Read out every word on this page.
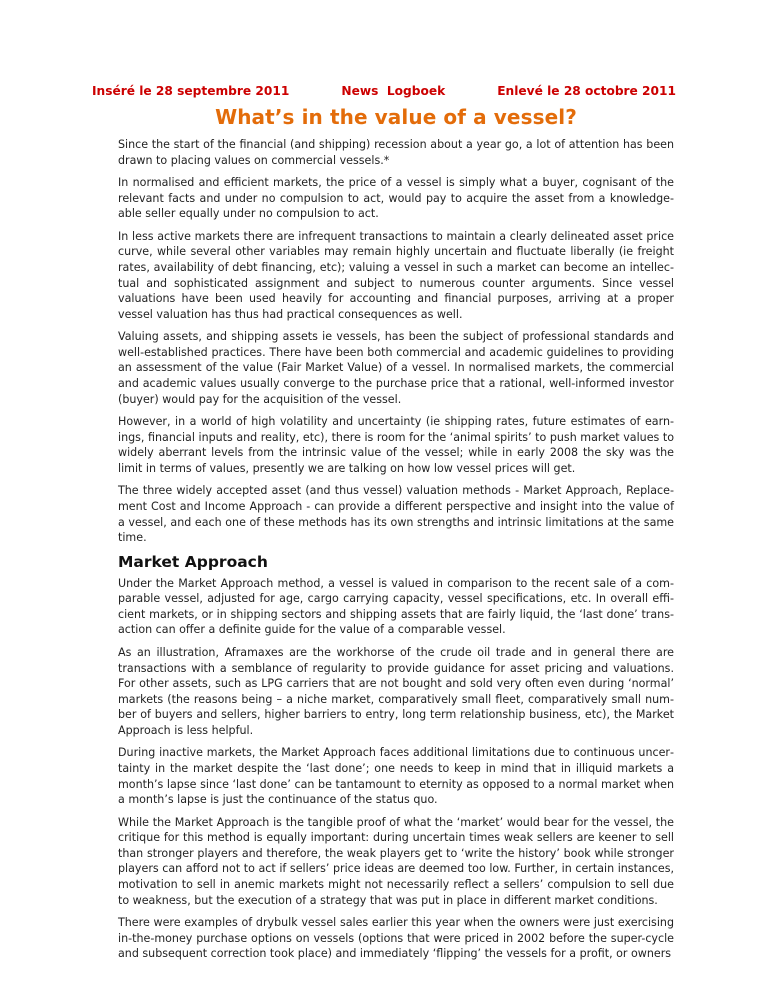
Inséré le 28 septembre 2011	News  Logboek	Enlevé le 28 octobre 2011
What’s in the value of a vessel?

Since the start of the financial (and shipping) recession about a year go, a lot of attention has been drawn to placing values on commercial vessels.*

In normalised and efficient markets, the price of a vessel is simply what a buyer, cognisant of the relevant facts and under no compulsion to act, would pay to acquire the asset from a knowledgeable seller equally under no compulsion to act.

In less active markets there are infrequent transactions to maintain a clearly delineated asset price curve, while several other variables may remain highly uncertain and fluctuate liberally (ie freight rates, availability of debt financing, etc); valuing a vessel in such a market can become an intellectual and sophisticated assignment and subject to numerous counter arguments. Since vessel valuations have been used heavily for accounting and financial purposes, arriving at a proper vessel valuation has thus had practical consequences as well.

Valuing assets, and shipping assets ie vessels, has been the subject of professional standards and well-established practices. There have been both commercial and academic guidelines to providing an assessment of the value (Fair Market Value) of a vessel. In normalised markets, the commercial and academic values usually converge to the purchase price that a rational, well-informed investor (buyer) would pay for the acquisition of the vessel.

However, in a world of high volatility and uncertainty (ie shipping rates, future estimates of earnings, financial inputs and reality, etc), there is room for the ‘animal spirits’ to push market values to widely aberrant levels from the intrinsic value of the vessel; while in early 2008 the sky was the limit in terms of values, presently we are talking on how low vessel prices will get.

The three widely accepted asset (and thus vessel) valuation methods - Market Approach, Replacement Cost and Income Approach - can provide a different perspective and insight into the value of a vessel, and each one of these methods has its own strengths and intrinsic limitations at the same time.

Market Approach

Under the Market Approach method, a vessel is valued in comparison to the recent sale of a comparable vessel, adjusted for age, cargo carrying capacity, vessel specifications, etc. In overall efficient markets, or in shipping sectors and shipping assets that are fairly liquid, the ‘last done’ transaction can offer a definite guide for the value of a comparable vessel.

As an illustration, Aframaxes are the workhorse of the crude oil trade and in general there are transactions with a semblance of regularity to provide guidance for asset pricing and valuations. For other assets, such as LPG carriers that are not bought and sold very often even during ‘normal’ markets (the reasons being – a niche market, comparatively small fleet, comparatively small number of buyers and sellers, higher barriers to entry, long term relationship business, etc), the Market Approach is less helpful.

During inactive markets, the Market Approach faces additional limitations due to continuous uncertainty in the market despite the ‘last done’; one needs to keep in mind that in illiquid markets a month’s lapse since ‘last done’ can be tantamount to eternity as opposed to a normal market when a month’s lapse is just the continuance of the status quo.

While the Market Approach is the tangible proof of what the ‘market’ would bear for the vessel, the critique for this method is equally important: during uncertain times weak sellers are keener to sell than stronger players and therefore, the weak players get to ‘write the history’ book while stronger players can afford not to act if sellers’ price ideas are deemed too low. Further, in certain instances, motivation to sell in anemic markets might not necessarily reflect a sellers’ compulsion to sell due to weakness, but the execution of a strategy that was put in place in different market conditions.

There were examples of drybulk vessel sales earlier this year when the owners were just exercising in-the-money purchase options on vessels (options that were priced in 2002 before the super-cycle and subsequent correction took place) and immediately ‘flipping’ the vessels for a profit, or owners
